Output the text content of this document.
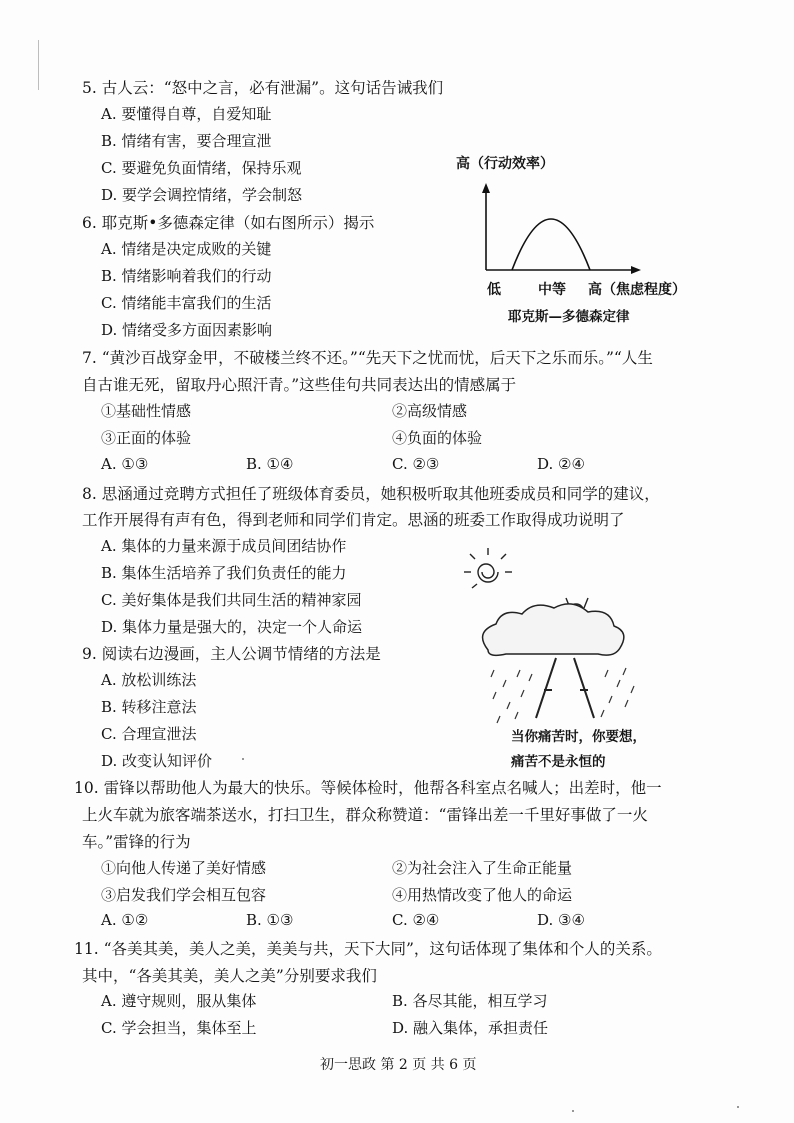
5. 古人云：“怒中之言，必有泄漏”。这句话告诫我们
A. 要懂得自尊，自爱知耻
B. 情绪有害，要合理宣泄
C. 要避免负面情绪，保持乐观
D. 要学会调控情绪，学会制怒
6. 耶克斯•多德森定律（如右图所示）揭示
A. 情绪是决定成败的关键
B. 情绪影响着我们的行动
C. 情绪能丰富我们的生活
D. 情绪受多方面因素影响
高（行动效率）
低	中等 高（焦虑程度）
耶克斯—多德森定律
7. “黄沙百战穿金甲，不破楼兰终不还。”“先天下之忧而忧，后天下之乐而乐。”“人生
自古谁无死，留取丹心照汗青。”这些佳句共同表达出的情感属于
①基础性情感	②高级情感
③正面的体验	④负面的体验
A. ①③	B. ①④	C. ②③	D. ②④
8. 思涵通过竞聘方式担任了班级体育委员，她积极听取其他班委成员和同学的建议，
工作开展得有声有色，得到老师和同学们肯定。思涵的班委工作取得成功说明了
A. 集体的力量来源于成员间团结协作
B. 集体生活培养了我们负责任的能力
C. 美好集体是我们共同生活的精神家园
D. 集体力量是强大的，决定一个人命运
9. 阅读右边漫画，主人公调节情绪的方法是
A. 放松训练法
B. 转移注意法
C. 合理宣泄法
D. 改变认知评价
当你痛苦时，你要想，
痛苦不是永恒的
10. 雷锋以帮助他人为最大的快乐。等候体检时，他帮各科室点名喊人；出差时，他一
上火车就为旅客端茶送水，打扫卫生，群众称赞道：“雷锋出差一千里好事做了一火
车。”雷锋的行为
①向他人传递了美好情感	②为社会注入了生命正能量
③启发我们学会相互包容	④用热情改变了他人的命运
A. ①②	B. ①③	C. ②④	D. ③④
11. “各美其美，美人之美，美美与共，天下大同”，这句话体现了集体和个人的关系。
其中，“各美其美，美人之美”分别要求我们
A. 遵守规则，服从集体	B. 各尽其能，相互学习
C. 学会担当，集体至上	D. 融入集体，承担责任
初一思政 第 2 页 共 6 页
